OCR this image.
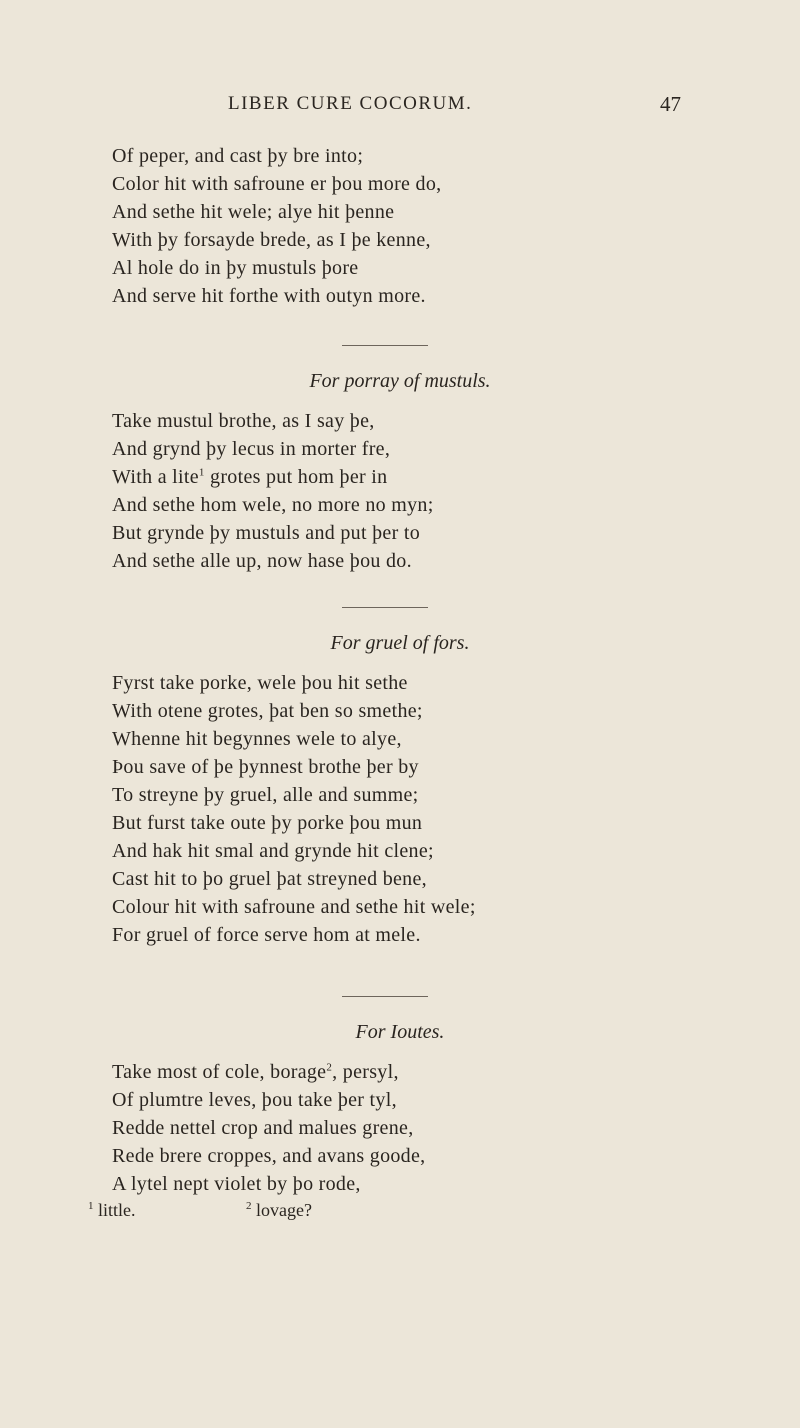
LIBER CURE COCORUM.	47
Of peper, and cast þy bre into;
Color hit with safroune er þou more do,
And sethe hit wele; alye hit þenne
With þy forsayde brede, as I þe kenne,
Al hole do in þy mustuls þore
And serve hit forthe with outyn more.
For porray of mustuls.
Take mustul brothe, as I say þe,
And grynd þy lecus in morter fre,
With a lite$^1$ grotes put hom þer in
And sethe hom wele, no more no myn;
But grynde þy mustuls and put þer to
And sethe alle up, now hase þou do.
For gruel of fors.
Fyrst take porke, wele þou hit sethe
With otene grotes, þat ben so smethe;
Whenne hit begynnes wele to alye,
Þou save of þe þynnest brothe þer by
To streyne þy gruel, alle and summe;
But furst take oute þy porke þou mun
And hak hit smal and grynde hit clene;
Cast hit to þo gruel þat streyned bene,
Colour hit with safroune and sethe hit wele;
For gruel of force serve hom at mele.
For Ioutes.
Take most of cole, borage$^2$, persyl,
Of plumtre leves, þou take þer tyl,
Redde nettel crop and malues grene,
Rede brere croppes, and avans goode,
A lytel nept violet by þo rode,
$^1$ little.	$^2$ lovage?
